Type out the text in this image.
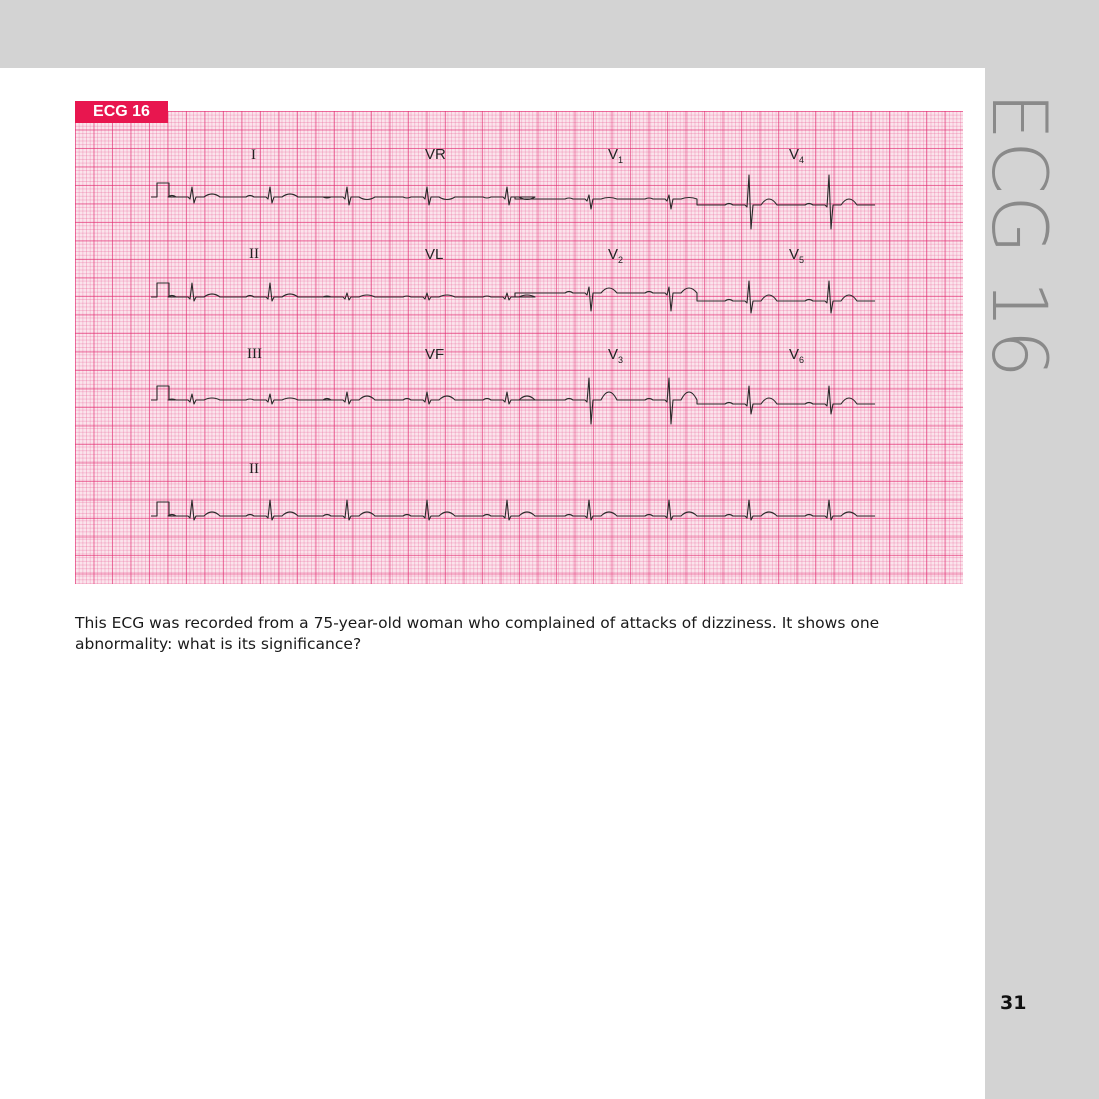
ECG 16
31
I	VR	$V_1$	$V_4$
II	VL	$V_2$	$V_5$
III	VF	$V_3$	$V_6$
II
ECG 16
This ECG was recorded from a 75-year-old woman who complained of attacks of dizziness. It shows one abnormality: what is its significance?
